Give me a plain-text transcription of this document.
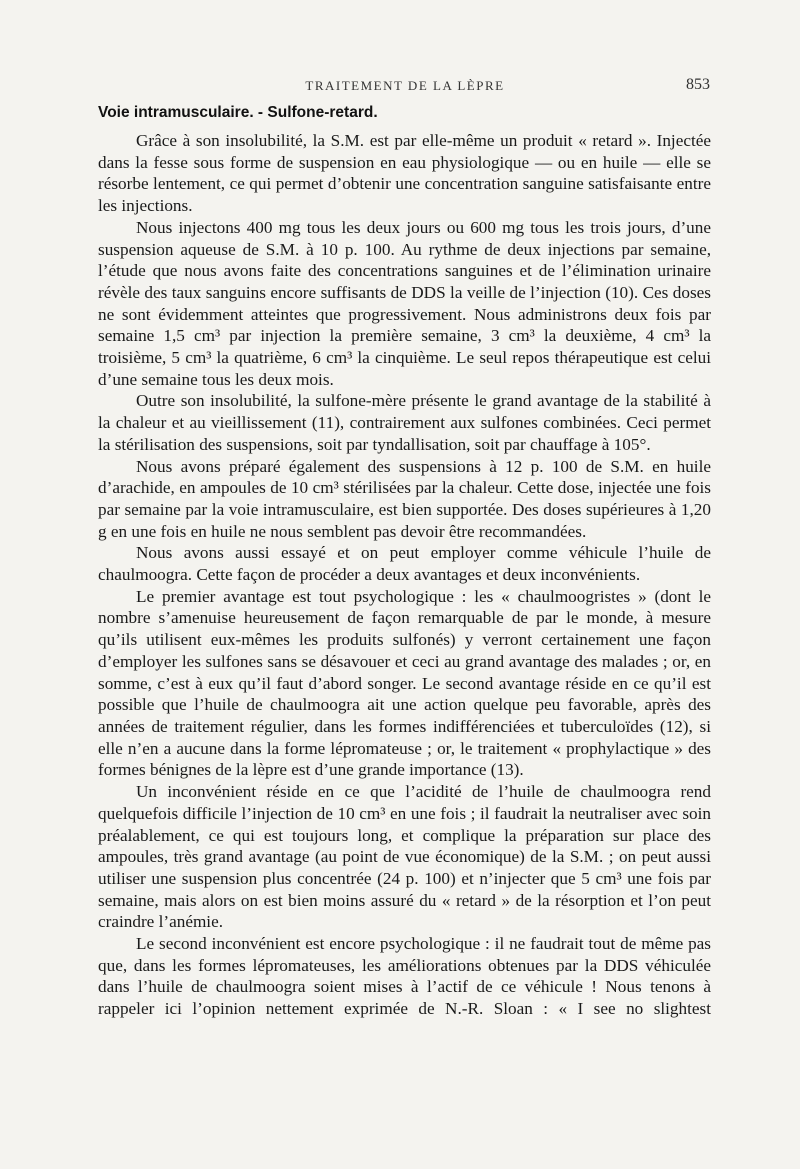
TRAITEMENT DE LA LÈPRE	853
Voie intramusculaire. - Sulfone-retard.

Grâce à son insolubilité, la S.M. est par elle-même un produit « retard ». Injectée dans la fesse sous forme de suspension en eau physiologique — ou en huile — elle se résorbe lentement, ce qui permet d’obtenir une concentration sanguine satisfaisante entre les injections.

Nous injectons 400 mg tous les deux jours ou 600 mg tous les trois jours, d’une suspension aqueuse de S.M. à 10 p. 100. Au rythme de deux injections par semaine, l’étude que nous avons faite des concentrations sanguines et de l’élimination urinaire révèle des taux sanguins encore suffisants de DDS la veille de l’injection (10). Ces doses ne sont évidemment atteintes que progressivement. Nous administrons deux fois par semaine 1,5 cm³ par injection la première semaine, 3 cm³ la deuxième, 4 cm³ la troisième, 5 cm³ la quatrième, 6 cm³ la cinquième. Le seul repos thérapeutique est celui d’une semaine tous les deux mois.

Outre son insolubilité, la sulfone-mère présente le grand avantage de la stabilité à la chaleur et au vieillissement (11), contrairement aux sulfones combinées. Ceci permet la stérilisation des suspensions, soit par tyndallisation, soit par chauffage à 105°.

Nous avons préparé également des suspensions à 12 p. 100 de S.M. en huile d’arachide, en ampoules de 10 cm³ stérilisées par la chaleur. Cette dose, injectée une fois par semaine par la voie intramusculaire, est bien supportée. Des doses supérieures à 1,20 g en une fois en huile ne nous semblent pas devoir être recommandées.

Nous avons aussi essayé et on peut employer comme véhicule l’huile de chaulmoogra. Cette façon de procéder a deux avantages et deux inconvénients.

Le premier avantage est tout psychologique : les « chaulmoogristes » (dont le nombre s’amenuise heureusement de façon remarquable de par le monde, à mesure qu’ils utilisent eux-mêmes les produits sulfonés) y verront certainement une façon d’employer les sulfones sans se désavouer et ceci au grand avantage des malades ; or, en somme, c’est à eux qu’il faut d’abord songer. Le second avantage réside en ce qu’il est possible que l’huile de chaulmoogra ait une action quelque peu favorable, après des années de traitement régulier, dans les formes indifférenciées et tuberculoïdes (12), si elle n’en a aucune dans la forme lépromateuse ; or, le traitement « prophylactique » des formes bénignes de la lèpre est d’une grande importance (13).

Un inconvénient réside en ce que l’acidité de l’huile de chaulmoogra rend quelquefois difficile l’injection de 10 cm³ en une fois ; il faudrait la neutraliser avec soin préalablement, ce qui est toujours long, et complique la préparation sur place des ampoules, très grand avantage (au point de vue économique) de la S.M. ; on peut aussi utiliser une suspension plus concentrée (24 p. 100) et n’injecter que 5 cm³ une fois par semaine, mais alors on est bien moins assuré du « retard » de la résorption et l’on peut craindre l’anémie.

Le second inconvénient est encore psychologique : il ne faudrait tout de même pas que, dans les formes lépromateuses, les améliorations obtenues par la DDS véhiculée dans l’huile de chaulmoogra soient mises à l’actif de ce véhicule ! Nous tenons à rappeler ici l’opinion nettement exprimée de N.-R. Sloan : « I see no slightest
